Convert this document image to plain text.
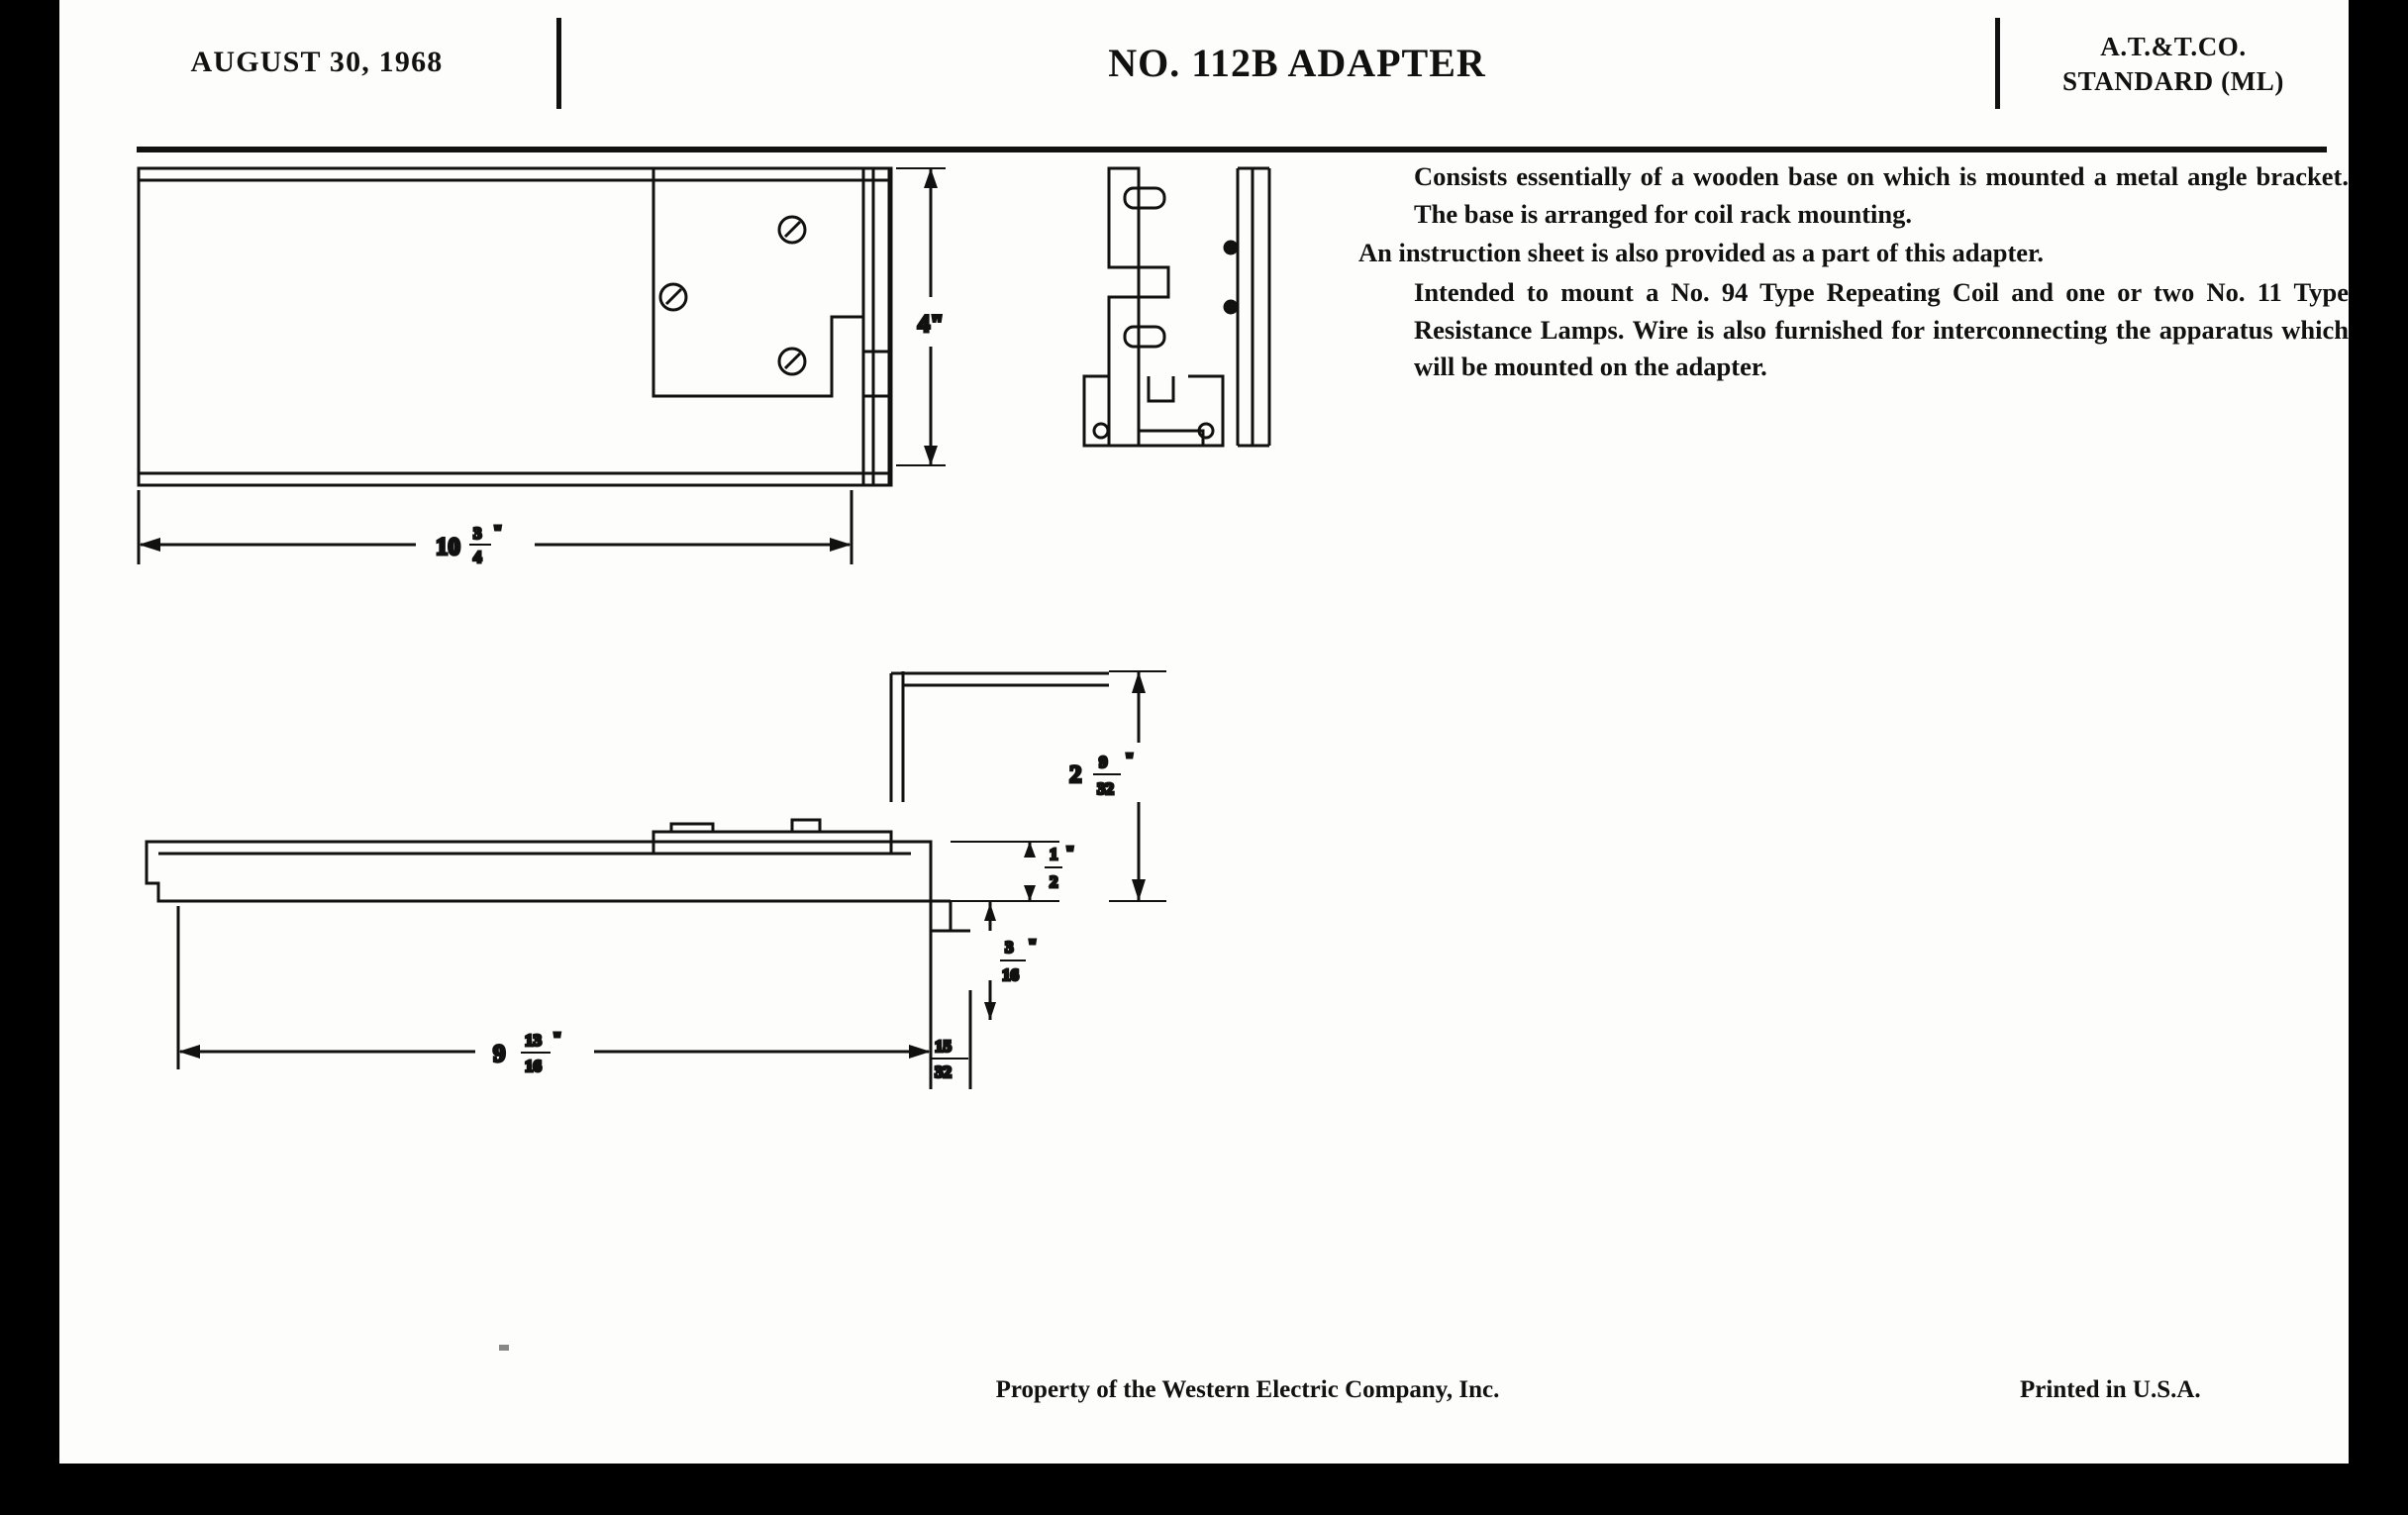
AUGUST 30, 1968	NO. 112B ADAPTER	A.T.&T.CO.
STANDARD (ML)

Consists essentially of a wooden base on which is mounted a metal angle bracket. The base is arranged for coil rack mounting.

An instruction sheet is also provided as a part of this adapter.

Intended to mount a No. 94 Type Repeating Coil and one or two No. 11 Type Resistance Lamps. Wire is also furnished for interconnecting the apparatus which will be mounted on the adapter.

4"
10
3
4
"
2 9
32
"
1
2
"
3
16
"
9
13
16
"	15
32
Property of the Western Electric Company, Inc.	Printed in U.S.A.
